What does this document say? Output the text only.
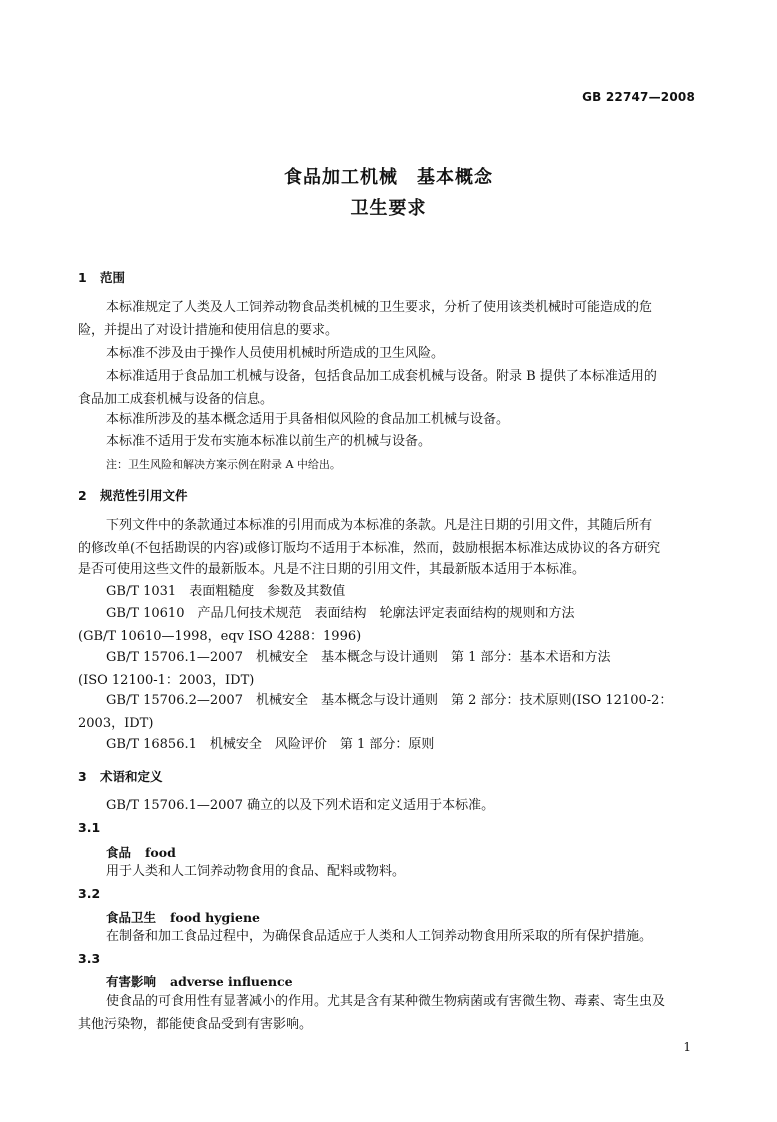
GB 22747—2008
食品加工机械　基本概念
卫生要求
1 范围
本标准规定了人类及人工饲养动物食品类机械的卫生要求，分析了使用该类机械时可能造成的危
险，并提出了对设计措施和使用信息的要求。
本标准不涉及由于操作人员使用机械时所造成的卫生风险。
本标准适用于食品加工机械与设备，包括食品加工成套机械与设备。附录 B 提供了本标准适用的
食品加工成套机械与设备的信息。
本标准所涉及的基本概念适用于具备相似风险的食品加工机械与设备。
本标准不适用于发布实施本标准以前生产的机械与设备。
注：卫生风险和解决方案示例在附录 A 中给出。
2 规范性引用文件
下列文件中的条款通过本标准的引用而成为本标准的条款。凡是注日期的引用文件，其随后所有
的修改单(不包括勘误的内容)或修订版均不适用于本标准，然而，鼓励根据本标准达成协议的各方研究
是否可使用这些文件的最新版本。凡是不注日期的引用文件，其最新版本适用于本标准。
GB/T 1031　表面粗糙度　参数及其数值
GB/T 10610　产品几何技术规范　表面结构　轮廓法评定表面结构的规则和方法
(GB/T 10610—1998，eqv ISO 4288：1996)
GB/T 15706.1—2007　机械安全　基本概念与设计通则　第 1 部分：基本术语和方法
(ISO 12100-1：2003，IDT)
GB/T 15706.2—2007　机械安全　基本概念与设计通则　第 2 部分：技术原则(ISO 12100-2：
2003，IDT)
GB/T 16856.1　机械安全　风险评价　第 1 部分：原则
3 术语和定义
GB/T 15706.1—2007 确立的以及下列术语和定义适用于本标准。
3.1
食品 food
用于人类和人工饲养动物食用的食品、配料或物料。
3.2
食品卫生 food hygiene
在制备和加工食品过程中，为确保食品适应于人类和人工饲养动物食用所采取的所有保护措施。
3.3
有害影响 adverse influence
使食品的可食用性有显著减小的作用。尤其是含有某种微生物病菌或有害微生物、毒素、寄生虫及
其他污染物，都能使食品受到有害影响。
1
